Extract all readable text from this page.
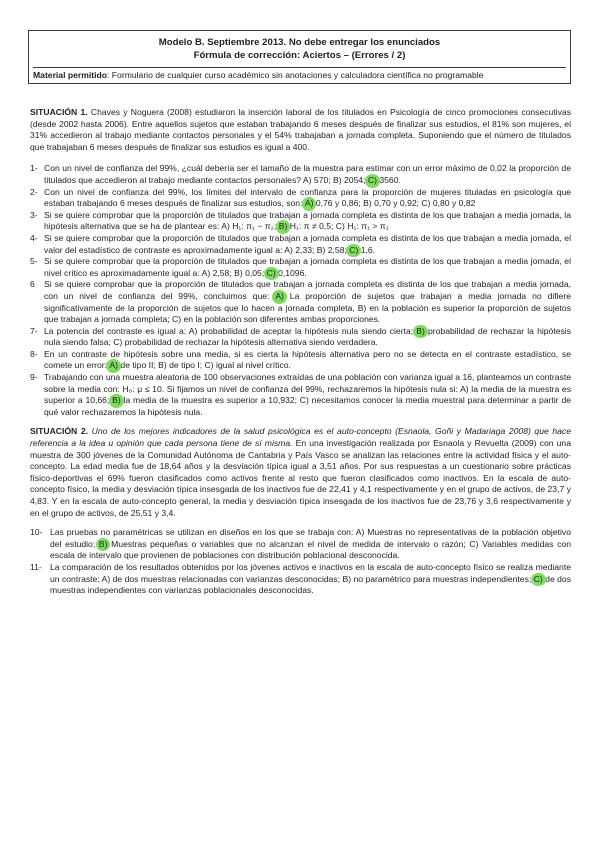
Modelo B. Septiembre 2013. No debe entregar los enunciados
Fórmula de corrección: Aciertos – (Errores / 2)
Material permitido: Formulario de cualquier curso académico sin anotaciones y calculadora científica no programable

SITUACIÓN 1. Chaves y Noguera (2008) estudiaron la inserción laboral de los titulados en Psicología de cinco promociones consecutivas (desde 2002 hasta 2006). Entre aquellos sujetos que estaban trabajando 6 meses después de finalizar sus estudios, el 81% son mujeres, el 31% accedieron al trabajo mediante contactos personales y el 54% trabajaban a jornada completa. Suponiendo que el número de titulados que trabajaban 6 meses después de finalizar sus estudios es igual a 400.

1- Con un nivel de confianza del 99%, ¿cuál debería ser el tamaño de la muestra para estimar con un error máximo de 0,02 la proporción de titulados que accedieron al trabajo mediante contactos personales? A) 570; B) 2054; C) 3560.
2- Con un nivel de confianza del 99%, los límites del intervalo de confianza para la proporción de mujeres tituladas en psicología que estaban trabajando 6 meses después de finalizar sus estudios, son: A) 0,76 y 0,86; B) 0,70 y 0,92; C) 0,80 y 0,82
3- Si se quiere comprobar que la proporción de titulados que trabajan a jornada completa es distinta de los que trabajan a media jornada, la hipótesis alternativa que se ha de plantear es: A) H₁: π₁ − π₂; B) H₁: π ≠ 0,5; C) H₁: π₁ > π₂
4- Si se quiere comprobar que la proporción de titulados que trabajan a jornada completa es distinta de los que trabajan a media jornada, el valor del estadístico de contraste es aproximadamente igual a: A) 2,33; B) 2,58; C) 1,6.
5- Si se quiere comprobar que la proporción de titulados que trabajan a jornada completa es distinta de los que trabajan a media jornada, el nivel crítico es aproximadamente igual a: A) 2,58; B) 0,05; C) 0,1096.
6 Si se quiere comprobar que la proporción de titulados que trabajan a jornada completa es distinta de los que trabajan a media jornada, con un nivel de confianza del 99%, concluimos que: A) La proporción de sujetos que trabajan a media jornada no difiere significativamente de la proporción de sujetos que lo hacen a jornada completa, B) en la población es superior la proporción de sujetos que trabajan a jornada completa; C) en la población son diferentes ambas proporciones.
7- La potencia del contraste es igual a: A) probabilidad de aceptar la hipótesis nula siendo cierta; B) probabilidad de rechazar la hipótesis nula siendo falsa; C) probabilidad de rechazar la hipótesis alternativa siendo verdadera.
8- En un contraste de hipótesis sobre una media, si es cierta la hipótesis alternativa pero no se detecta en el contraste estadístico, se comete un error: A) de tipo II; B) de tipo I; C) igual al nivel crítico.
9- Trabajando con una muestra aleatoria de 100 observaciones extraídas de una población con varianza igual a 16, planteamos un contraste sobre la media con: H₀: μ ≤ 10. Si fijamos un nivel de confianza del 99%, rechazaremos la hipótesis nula si: A) la media de la muestra es superior a 10,66; B) la media de la muestra es superior a 10,932; C) necesitamos conocer la media muestral para determinar a partir de qué valor rechazaremos la hipótesis nula.

SITUACIÓN 2. Uno de los mejores indicadores de la salud psicológica es el auto-concepto (Esnaola, Goñi y Madariaga 2008) que hace referencia a la idea u opinión que cada persona tiene de sí misma. En una investigación realizada por Esnaola y Revuelta (2009) con una muestra de 300 jóvenes de la Comunidad Autónoma de Cantabria y País Vasco se analizan las relaciones entre la actividad física y el auto-concepto. La edad media fue de 18,64 años y la desviación típica igual a 3,51 años. Por sus respuestas a un cuestionario sobre prácticas físico-deportivas el 69% fueron clasificados como activos frente al resto que fueron clasificados como inactivos. En la escala de auto-concepto físico, la media y desviación típica insesgada de los inactivos fue de 22,41 y 4,1 respectivamente y en el grupo de activos, de 23,7 y 4,83. Y en la escala de auto-concepto general, la media y desviación típica insesgada de los inactivos fue de 23,76 y 3,6 respectivamente y en el grupo de activos, de 25,51 y 3,4.

10- Las pruebas no paramétricas se utilizan en diseños en los que se trabaja con: A) Muestras no representativas de la población objetivo del estudio; B) Muestras pequeñas o variables que no alcanzan el nivel de medida de intervalo o razón; C) Variables medidas con escala de intervalo que provienen de poblaciones con distribución poblacional desconocida.
11- La comparación de los resultados obtenidos por los jóvenes activos e inactivos en la escala de auto-concepto físico se realiza mediante un contraste: A) de dos muestras relacionadas con varianzas desconocidas; B) no paramétrico para muestras independientes; C) de dos muestras independientes con varianzas poblacionales desconocidas.
